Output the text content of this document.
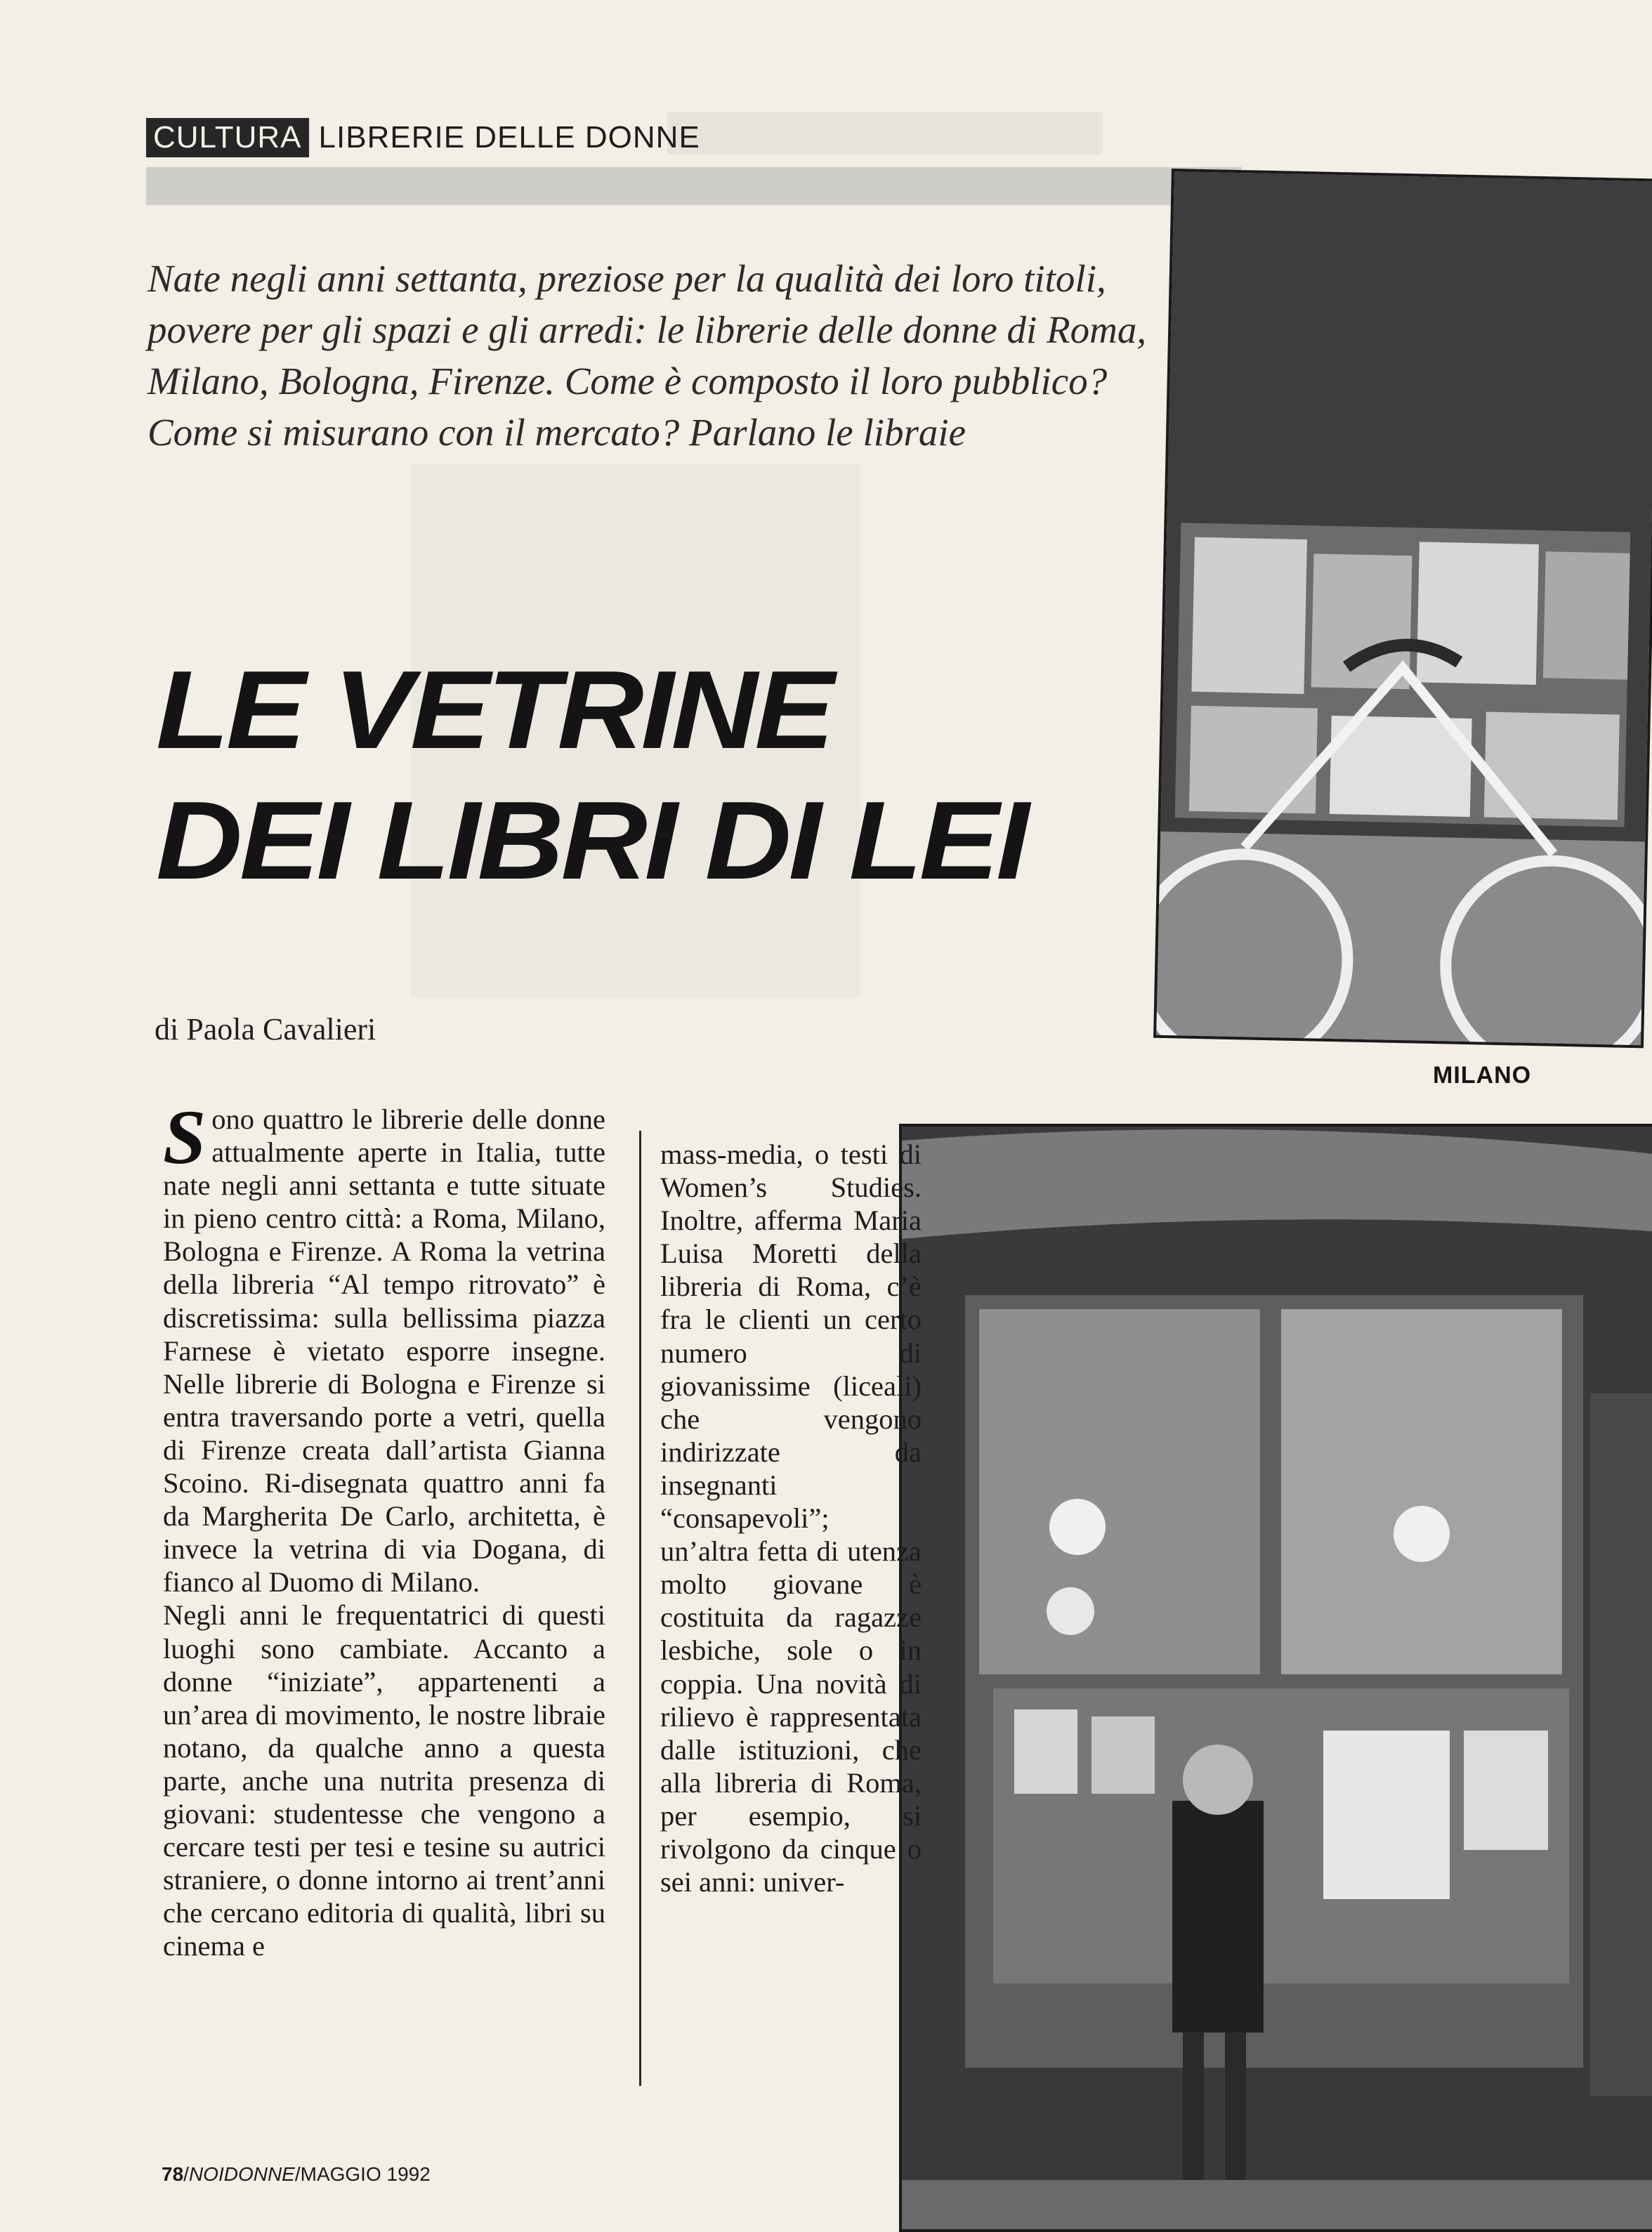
CULTURA LIBRERIE DELLE DONNE

Nate negli anni settanta, preziose per la qualità dei loro titoli, povere per gli spazi e gli arredi: le librerie delle donne di Roma, Milano, Bologna, Firenze. Come è composto il loro pubblico? Come si misurano con il mercato? Parlano le libraie

LE VETRINE
DEI LIBRI DI LEI
di Paola Cavalieri
MILANO

S ono quattro le librerie delle donne attualmente aperte in Italia, tutte nate negli anni settanta e tutte situate in pieno centro città: a Roma, Milano, Bologna e Firenze. A Roma la vetrina della libreria “Al tempo ritrovato” è discretissima: sulla bellissima piazza Farnese è vietato esporre insegne. Nelle librerie di Bologna e Firenze si entra traversando porte a vetri, quella di Firenze creata dall’artista Gianna Scoino. Ri-disegnata quattro anni fa da Margherita De Carlo, architetta, è invece la vetrina di via Dogana, di fianco al Duomo di Milano.

Negli anni le frequentatrici di questi luoghi sono cambiate. Accanto a donne “iniziate”, appartenenti a un’area di movimento, le nostre libraie notano, da qualche anno a questa parte, anche una nutrita presenza di giovani: studentesse che vengono a cercare testi per tesi e tesine su autrici straniere, o donne intorno ai trent’anni che cercano editoria di qualità, libri su cinema e

mass-media, o testi di Women’s Studies. Inoltre, afferma Maria Luisa Moretti della libreria di Roma, c’è fra le clienti un certo numero di giovanissime (liceali) che vengono indirizzate da insegnanti “consapevoli”; un’altra fetta di utenza molto giovane è costituita da ragazze lesbiche, sole o in coppia. Una novità di rilievo è rappresentata dalle istituzioni, che alla libreria di Roma, per esempio, si rivolgono da cinque o sei anni: univer-

78/NOIDONNE/MAGGIO 1992
